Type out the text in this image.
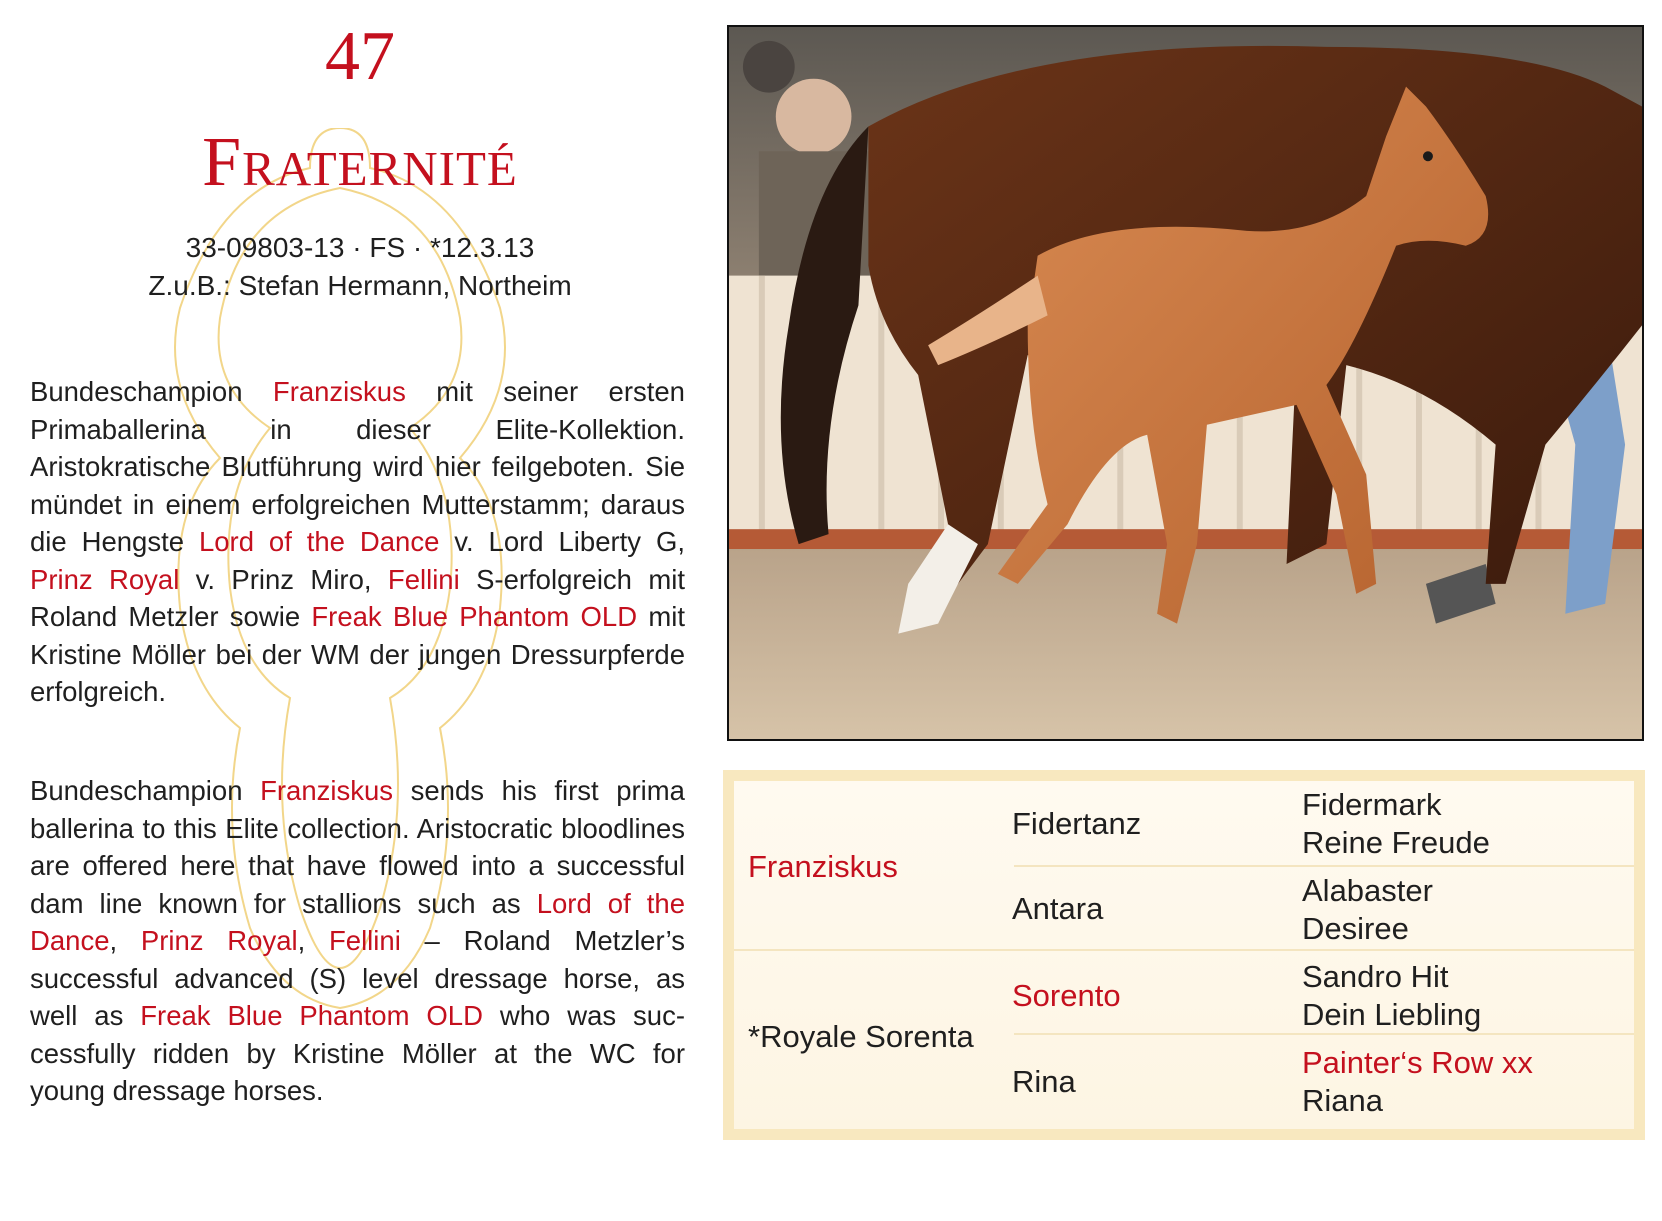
47
Fraternité
33-09803-13 · FS · *12.3.13
Z.u.B.: Stefan Hermann, Northeim

Bundeschampion Franziskus mit seiner ersten Primaballerina in dieser Elite-Kollektion. Aristokratische Blutführung wird hier feilgeboten. Sie mündet in einem erfolgreichen Mutterstamm; daraus die Hengste Lord of the Dance v. Lord Liberty G, Prinz Royal v. Prinz Miro, Fellini S-erfolgreich mit Roland Metzler sowie Freak Blue Phantom OLD mit Kristine Möller bei der WM der jungen Dressurpferde erfolgreich.

Bundeschampion Franziskus sends his first prima ballerina to this Elite collection. Aristocratic bloodlines are offered here that have flowed into a successful dam line known for stallions such as Lord of the Dance, Prinz Royal, Fellini – Roland Metzler’s successful advanced (S) level dressage horse, as well as Freak Blue Phantom OLD who was successfully ridden by Kristine Möller at the WC for young dressage horses.

Franziskus
*Royale Sorenta
Fidertanz
Antara
Sorento
Rina
Fidermark
Reine Freude
Alabaster
Desiree
Sandro Hit
Dein Liebling
Painter‘s Row xx
Riana
